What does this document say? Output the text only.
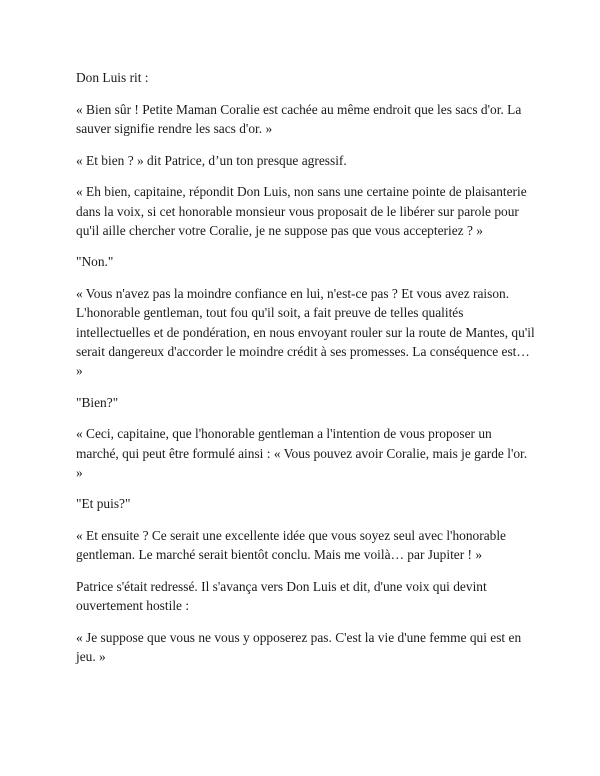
Don Luis rit :

« Bien sûr ! Petite Maman Coralie est cachée au même endroit que les sacs d'or. La sauver signifie rendre les sacs d'or. »

« Et bien ? » dit Patrice, d’un ton presque agressif.

« Eh bien, capitaine, répondit Don Luis, non sans une certaine pointe de plaisanterie dans la voix, si cet honorable monsieur vous proposait de le libérer sur parole pour qu'il aille chercher votre Coralie, je ne suppose pas que vous accepteriez ? »

"Non."

« Vous n'avez pas la moindre confiance en lui, n'est-ce pas ? Et vous avez raison. L'honorable gentleman, tout fou qu'il soit, a fait preuve de telles qualités intellectuelles et de pondération, en nous envoyant rouler sur la route de Mantes, qu'il serait dangereux d'accorder le moindre crédit à ses promesses. La conséquence est… »

"Bien?"

« Ceci, capitaine, que l'honorable gentleman a l'intention de vous proposer un marché, qui peut être formulé ainsi : « Vous pouvez avoir Coralie, mais je garde l'or. »

"Et puis?"

« Et ensuite ? Ce serait une excellente idée que vous soyez seul avec l'honorable gentleman. Le marché serait bientôt conclu. Mais me voilà… par Jupiter ! »

Patrice s'était redressé. Il s'avança vers Don Luis et dit, d'une voix qui devint ouvertement hostile :

« Je suppose que vous ne vous y opposerez pas. C'est la vie d'une femme qui est en jeu. »
